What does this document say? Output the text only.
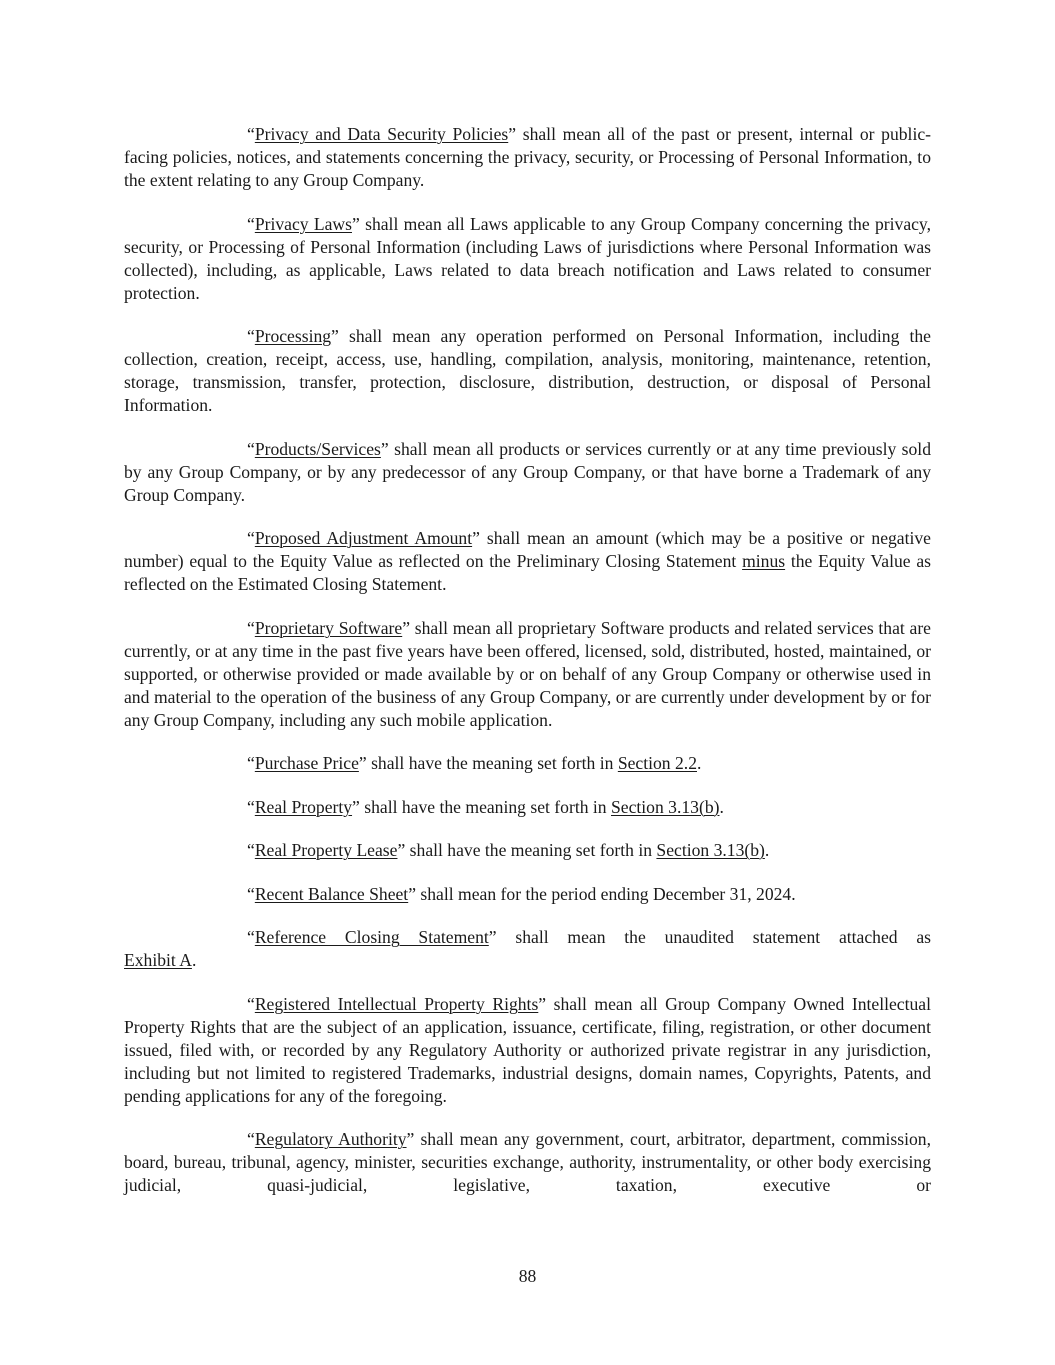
“Privacy and Data Security Policies” shall mean all of the past or present, internal or public-facing policies, notices, and statements concerning the privacy, security, or Processing of Personal Information, to the extent relating to any Group Company.

“Privacy Laws” shall mean all Laws applicable to any Group Company concerning the privacy, security, or Processing of Personal Information (including Laws of jurisdictions where Personal Information was collected), including, as applicable, Laws related to data breach notification and Laws related to consumer protection.

“Processing” shall mean any operation performed on Personal Information, including the collection, creation, receipt, access, use, handling, compilation, analysis, monitoring, maintenance, retention, storage, transmission, transfer, protection, disclosure, distribution, destruction, or disposal of Personal Information.

“Products/Services” shall mean all products or services currently or at any time previously sold by any Group Company, or by any predecessor of any Group Company, or that have borne a Trademark of any Group Company.

“Proposed Adjustment Amount” shall mean an amount (which may be a positive or negative number) equal to the Equity Value as reflected on the Preliminary Closing Statement minus the Equity Value as reflected on the Estimated Closing Statement.

“Proprietary Software” shall mean all proprietary Software products and related services that are currently, or at any time in the past five years have been offered, licensed, sold, distributed, hosted, maintained, or supported, or otherwise provided or made available by or on behalf of any Group Company or otherwise used in and material to the operation of the business of any Group Company, or are currently under development by or for any Group Company, including any such mobile application.

“Purchase Price” shall have the meaning set forth in Section 2.2.

“Real Property” shall have the meaning set forth in Section 3.13(b).

“Real Property Lease” shall have the meaning set forth in Section 3.13(b).

“Recent Balance Sheet” shall mean for the period ending December 31, 2024.

“Reference Closing Statement” shall mean the unaudited statement attached as
Exhibit A.

“Registered Intellectual Property Rights” shall mean all Group Company Owned Intellectual Property Rights that are the subject of an application, issuance, certificate, filing, registration, or other document issued, filed with, or recorded by any Regulatory Authority or authorized private registrar in any jurisdiction, including but not limited to registered Trademarks, industrial designs, domain names, Copyrights, Patents, and pending applications for any of the foregoing.

“Regulatory Authority” shall mean any government, court, arbitrator, department, commission, board, bureau, tribunal, agency, minister, securities exchange, authority, instrumentality, or other body exercising judicial, quasi-judicial, legislative, taxation, executive or

88
